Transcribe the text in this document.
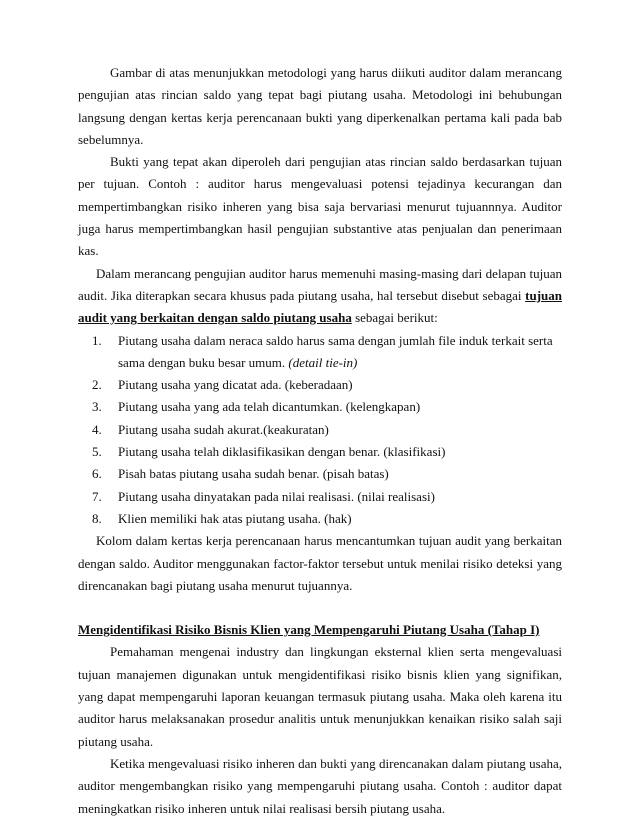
Gambar di atas menunjukkan metodologi yang harus diikuti auditor dalam merancang pengujian atas rincian saldo yang tepat bagi piutang usaha. Metodologi ini behubungan langsung dengan kertas kerja perencanaan bukti yang diperkenalkan pertama kali pada bab sebelumnya.

Bukti yang tepat akan diperoleh dari pengujian atas rincian saldo berdasarkan tujuan per tujuan. Contoh : auditor harus mengevaluasi potensi tejadinya kecurangan dan mempertimbangkan risiko inheren yang bisa saja bervariasi menurut tujuannnya. Auditor juga harus mempertimbangkan hasil pengujian substantive atas penjualan dan penerimaan kas.

Dalam merancang pengujian auditor harus memenuhi masing-masing dari delapan tujuan audit. Jika diterapkan secara khusus pada piutang usaha, hal tersebut disebut sebagai tujuan audit yang berkaitan dengan saldo piutang usaha sebagai berikut:

1. Piutang usaha dalam neraca saldo harus sama dengan jumlah file induk terkait serta sama dengan buku besar umum. (detail tie-in)
2. Piutang usaha yang dicatat ada. (keberadaan)
3. Piutang usaha yang ada telah dicantumkan. (kelengkapan)
4. Piutang usaha sudah akurat.(keakuratan)
5. Piutang usaha telah diklasifikasikan dengan benar. (klasifikasi)
6. Pisah batas piutang usaha sudah benar. (pisah batas)
7. Piutang usaha dinyatakan pada nilai realisasi. (nilai realisasi)
8. Klien memiliki hak atas piutang usaha. (hak)

Kolom dalam kertas kerja perencanaan harus mencantumkan tujuan audit yang berkaitan dengan saldo. Auditor menggunakan factor-faktor tersebut untuk menilai risiko deteksi yang direncanakan bagi piutang usaha menurut tujuannya.

Mengidentifikasi Risiko Bisnis Klien yang Mempengaruhi Piutang Usaha (Tahap I)

Pemahaman mengenai industry dan lingkungan eksternal klien serta mengevaluasi tujuan manajemen digunakan untuk mengidentifikasi risiko bisnis klien yang signifikan, yang dapat mempengaruhi laporan keuangan termasuk piutang usaha. Maka oleh karena itu auditor harus melaksanakan prosedur analitis untuk menunjukkan kenaikan risiko salah saji piutang usaha.

Ketika mengevaluasi risiko inheren dan bukti yang direncanakan dalam piutang usaha, auditor mengembangkan risiko yang mempengaruhi piutang usaha. Contoh : auditor dapat meningkatkan risiko inheren untuk nilai realisasi bersih piutang usaha.
